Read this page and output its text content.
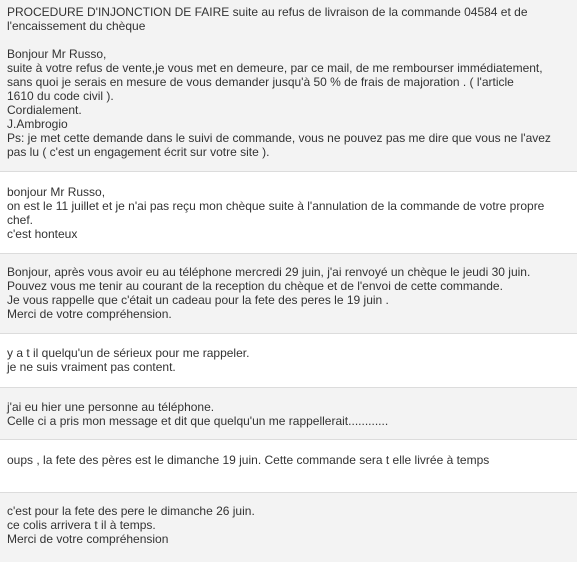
PROCEDURE D'INJONCTION DE FAIRE suite au refus de livraison de la commande 04584 et de
l'encaissement du chèque
Bonjour Mr Russo,
suite à votre refus de vente,je vous met en demeure, par ce mail, de me rembourser immédiatement,
sans quoi je serais en mesure de vous demander jusqu'à 50 % de frais de majoration . ( l'article
1610 du code civil ).
Cordialement.
J.Ambrogio
Ps: je met cette demande dans le suivi de commande, vous ne pouvez pas me dire que vous ne l'avez
pas lu ( c'est un engagement écrit sur votre site ).
bonjour Mr Russo,
on est le 11 juillet et je n'ai pas reçu mon chèque suite à l'annulation de la commande de votre propre
chef.
c'est honteux
Bonjour, après vous avoir eu au téléphone mercredi 29 juin, j'ai renvoyé un chèque le jeudi 30 juin.
Pouvez vous me tenir au courant de la reception du chèque et de l'envoi de cette commande.
Je vous rappelle que c'était un cadeau pour la fete des peres le 19 juin .
Merci de votre compréhension.
y a t il quelqu'un de sérieux pour me rappeler.
je ne suis vraiment pas content.
j'ai eu hier une personne au téléphone.
Celle ci a pris mon message et dit que quelqu'un me rappellerait............
oups , la fete des pères est le dimanche 19 juin. Cette commande sera t elle livrée à temps
c'est pour la fete des pere le dimanche 26 juin.
ce colis arrivera t il à temps.
Merci de votre compréhension
